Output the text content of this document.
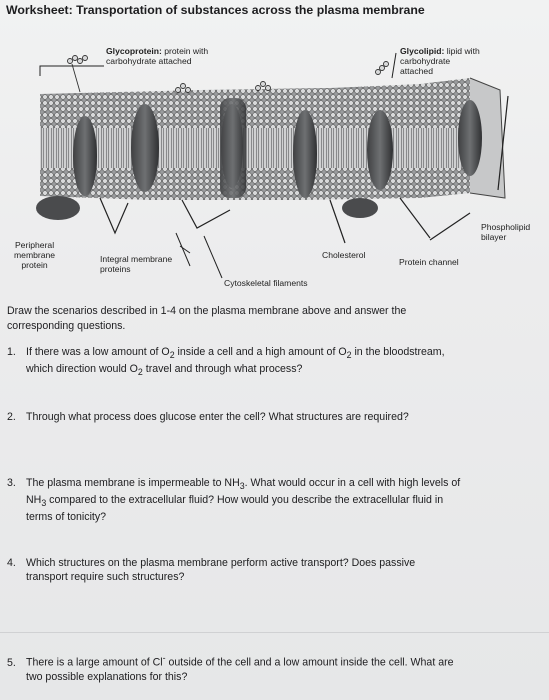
Worksheet: Transportation of substances across the plasma membrane
Glycoprotein: protein with
carbohydrate attached
Glycolipid: lipid with
carbohydrate
attached
Phospholipid
bilayer
Peripheral
membrane
protein
Integral membrane
proteins
Cholesterol
Protein channel
Cytoskeletal filaments
Draw the scenarios described in 1-4 on the plasma membrane above and answer the
corresponding questions.
1. If there was a low amount of $O_2$ inside a cell and a high amount of $O_2$ in the bloodstream,
which direction would $O_2$ travel and through what process?
2. Through what process does glucose enter the cell? What structures are required?
3. The plasma membrane is impermeable to $NH_3$. What would occur in a cell with high levels of
$NH_3$ compared to the extracellular fluid? How would you describe the extracellular fluid in
terms of tonicity?
4. Which structures on the plasma membrane perform active transport? Does passive
transport require such structures?
5. There is a large amount of Cl- outside of the cell and a low amount inside the cell. What are
two possible explanations for this?
